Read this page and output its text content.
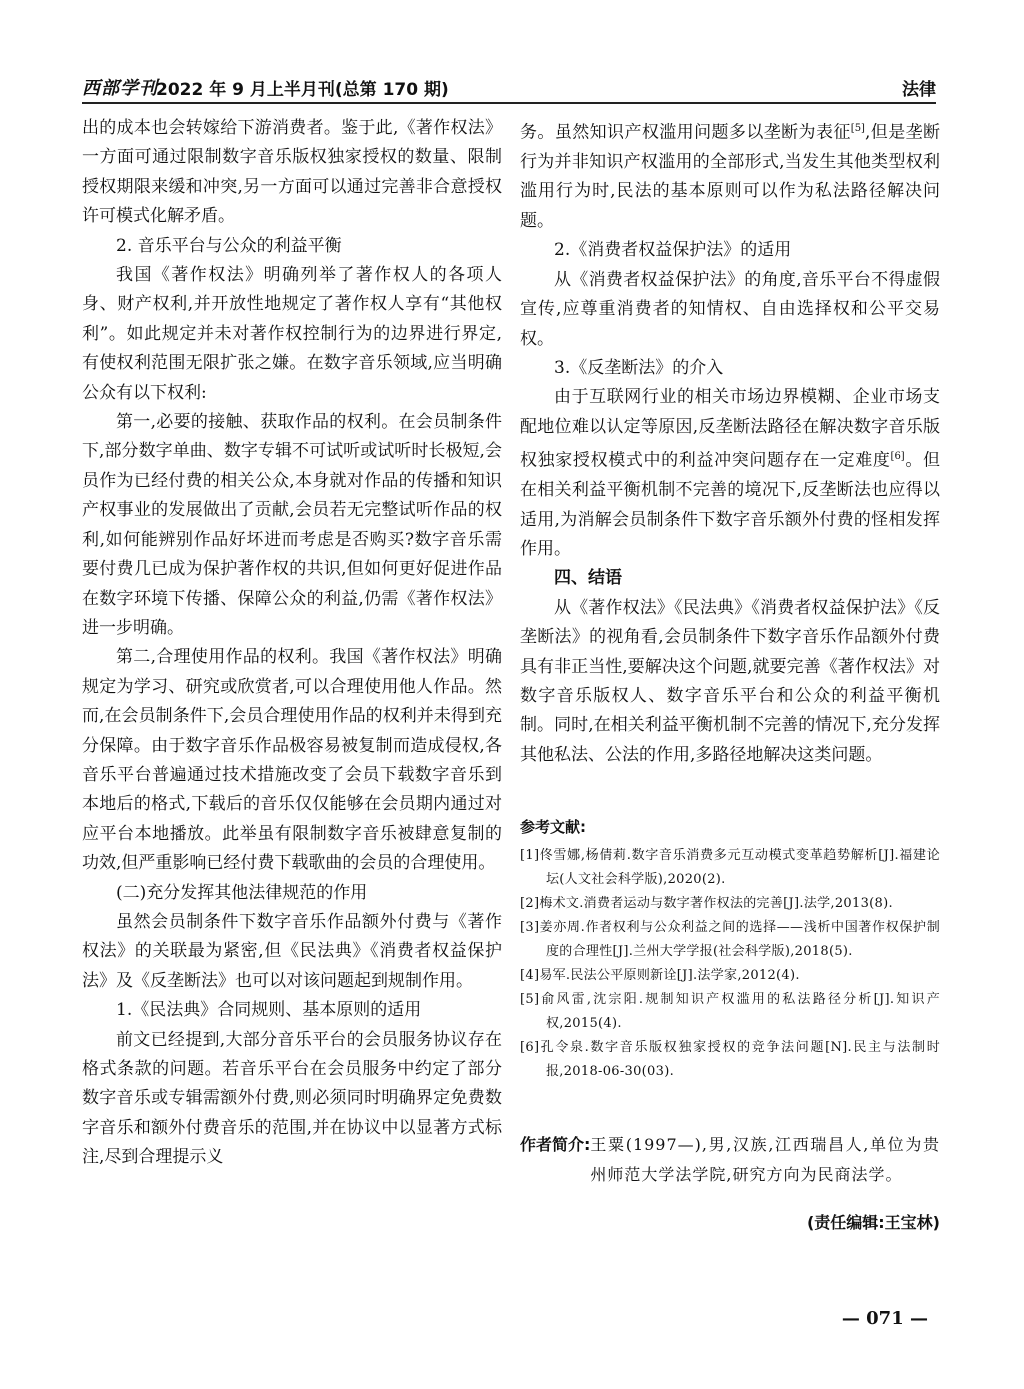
西部学刊
2022 年 9 月上半月刊(总第 170 期)	法律

出的成本也会转嫁给下游消费者。鉴于此,《著作权法》一方面可通过限制数字音乐版权独家授权的数量、限制授权期限来缓和冲突,另一方面可以通过完善非合意授权许可模式化解矛盾。

2. 音乐平台与公众的利益平衡

我国《著作权法》明确列举了著作权人的各项人身、财产权利,并开放性地规定了著作权人享有“其他权利”。如此规定并未对著作权控制行为的边界进行界定,有使权利范围无限扩张之嫌。在数字音乐领域,应当明确公众有以下权利:

第一,必要的接触、获取作品的权利。在会员制条件下,部分数字单曲、数字专辑不可试听或试听时长极短,会员作为已经付费的相关公众,本身就对作品的传播和知识产权事业的发展做出了贡献,会员若无完整试听作品的权利,如何能辨别作品好坏进而考虑是否购买?数字音乐需要付费几已成为保护著作权的共识,但如何更好促进作品在数字环境下传播、保障公众的利益,仍需《著作权法》进一步明确。

第二,合理使用作品的权利。我国《著作权法》明确规定为学习、研究或欣赏者,可以合理使用他人作品。然而,在会员制条件下,会员合理使用作品的权利并未得到充分保障。由于数字音乐作品极容易被复制而造成侵权,各音乐平台普遍通过技术措施改变了会员下载数字音乐到本地后的格式,下载后的音乐仅仅能够在会员期内通过对应平台本地播放。此举虽有限制数字音乐被肆意复制的功效,但严重影响已经付费下载歌曲的会员的合理使用。

(二)充分发挥其他法律规范的作用

虽然会员制条件下数字音乐作品额外付费与《著作权法》的关联最为紧密,但《民法典》《消费者权益保护法》及《反垄断法》也可以对该问题起到规制作用。

1.《民法典》合同规则、基本原则的适用

前文已经提到,大部分音乐平台的会员服务协议存在格式条款的问题。若音乐平台在会员服务中约定了部分数字音乐或专辑需额外付费,则必须同时明确界定免费数字音乐和额外付费音乐的范围,并在协议中以显著方式标注,尽到合理提示义

务。虽然知识产权滥用问题多以垄断为表征[5],但是垄断行为并非知识产权滥用的全部形式,当发生其他类型权利滥用行为时,民法的基本原则可以作为私法路径解决问题。

2.《消费者权益保护法》的适用

从《消费者权益保护法》的角度,音乐平台不得虚假宣传,应尊重消费者的知情权、自由选择权和公平交易权。

3.《反垄断法》的介入

由于互联网行业的相关市场边界模糊、企业市场支配地位难以认定等原因,反垄断法路径在解决数字音乐版权独家授权模式中的利益冲突问题存在一定难度[6]。但在相关利益平衡机制不完善的境况下,反垄断法也应得以适用,为消解会员制条件下数字音乐额外付费的怪相发挥作用。

四、结语

从《著作权法》《民法典》《消费者权益保护法》《反垄断法》的视角看,会员制条件下数字音乐作品额外付费具有非正当性,要解决这个问题,就要完善《著作权法》对数字音乐版权人、数字音乐平台和公众的利益平衡机制。同时,在相关利益平衡机制不完善的情况下,充分发挥其他私法、公法的作用,多路径地解决这类问题。

参考文献:

[1]佟雪娜,杨倩莉.数字音乐消费多元互动模式变革趋势解析[J].福建论坛(人文社会科学版),2020(2).
[2]梅术文.消费者运动与数字著作权法的完善[J].法学,2013(8).
[3]姜亦周.作者权利与公众利益之间的选择——浅析中国著作权保护制度的合理性[J].兰州大学学报(社会科学版),2018(5).
[4]易军.民法公平原则新诠[J].法学家,2012(4).
[5]俞风雷,沈宗阳.规制知识产权滥用的私法路径分析[J].知识产权,2015(4).
[6]孔令泉.数字音乐版权独家授权的竞争法问题[N].民主与法制时报,2018-06-30(03).
作者简介: 王粟(1997—),男,汉族,江西瑞昌人,单位为贵州师范大学法学院,研究方向为民商法学。
(责任编辑:王宝林)
— 071 —
